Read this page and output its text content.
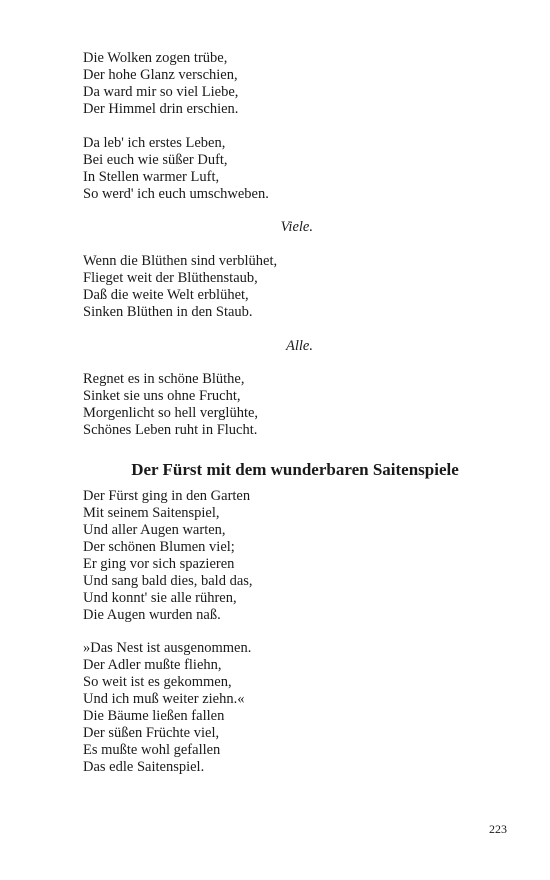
Die Wolken zogen trübe,
Der hohe Glanz verschien,
Da ward mir so viel Liebe,
Der Himmel drin erschien.
Da leb' ich erstes Leben,
Bei euch wie süßer Duft,
In Stellen warmer Luft,
So werd' ich euch umschweben.
Viele.
Wenn die Blüthen sind verblühet,
Flieget weit der Blüthenstaub,
Daß die weite Welt erblühet,
Sinken Blüthen in den Staub.
Alle.
Regnet es in schöne Blüthe,
Sinket sie uns ohne Frucht,
Morgenlicht so hell verglühte,
Schönes Leben ruht in Flucht.
Der Fürst mit dem wunderbaren Saitenspiele
Der Fürst ging in den Garten
Mit seinem Saitenspiel,
Und aller Augen warten,
Der schönen Blumen viel;
Er ging vor sich spazieren
Und sang bald dies, bald das,
Und konnt' sie alle rühren,
Die Augen wurden naß.
»Das Nest ist ausgenommen.
Der Adler mußte fliehn,
So weit ist es gekommen,
Und ich muß weiter ziehn.«
Die Bäume ließen fallen
Der süßen Früchte viel,
Es mußte wohl gefallen
Das edle Saitenspiel.
223
